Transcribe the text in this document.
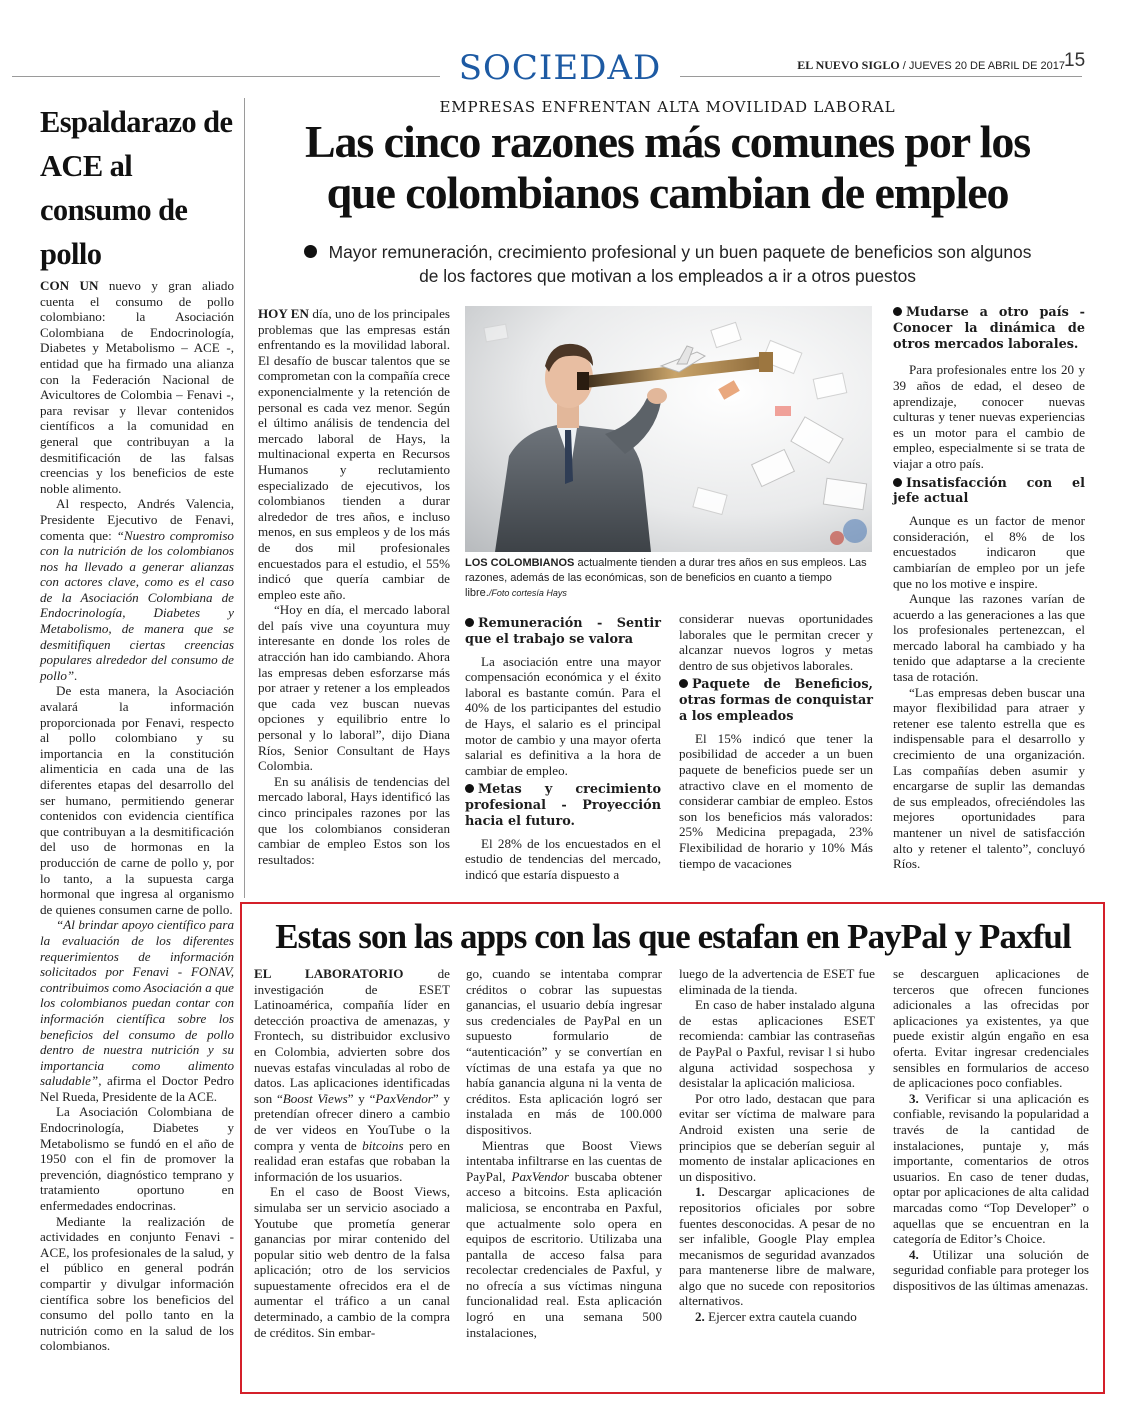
SOCIEDAD	EL NUEVO SIGLO / JUEVES 20 DE ABRIL DE 2017 15
Espaldarazo de ACE al consumo de pollo

CON UN nuevo y gran aliado cuenta el consumo de pollo colombiano: la Asociación Colombiana de Endocrinología, Diabetes y Metabolismo – ACE -, entidad que ha firmado una alianza con la Federación Nacional de Avicultores de Colombia – Fenavi -, para revisar y llevar contenidos científicos a la comunidad en general que contribuyan a la desmitificación de las falsas creencias y los beneficios de este noble alimento.

Al respecto, Andrés Valencia, Presidente Ejecutivo de Fenavi, comenta que: “Nuestro compromiso con la nutrición de los colombianos nos ha llevado a generar alianzas con actores clave, como es el caso de la Asociación Colombiana de Endocrinología, Diabetes y Metabolismo, de manera que se desmitifiquen ciertas creencias populares alrededor del consumo de pollo”.

De esta manera, la Asociación avalará la información proporcionada por Fenavi, respecto al pollo colombiano y su importancia en la constitución alimenticia en cada una de las diferentes etapas del desarrollo del ser humano, permitiendo generar contenidos con evidencia científica que contribuyan a la desmitificación del uso de hormonas en la producción de carne de pollo y, por lo tanto, a la supuesta carga hormonal que ingresa al organismo de quienes consumen carne de pollo.

“Al brindar apoyo científico para la evaluación de los diferentes requerimientos de información solicitados por Fenavi - FONAV, contribuimos como Asociación a que los colombianos puedan contar con información científica sobre los beneficios del consumo de pollo dentro de nuestra nutrición y su importancia como alimento saludable”, afirma el Doctor Pedro Nel Rueda, Presidente de la ACE.

La Asociación Colombiana de Endocrinología, Diabetes y Metabolismo se fundó en el año de 1950 con el fin de promover la prevención, diagnóstico temprano y tratamiento oportuno en enfermedades endocrinas.

Mediante la realización de actividades en conjunto Fenavi - ACE, los profesionales de la salud, y el público en general podrán compartir y divulgar información científica sobre los beneficios del consumo del pollo tanto en la nutrición como en la salud de los colombianos.

EMPRESAS ENFRENTAN ALTA MOVILIDAD LABORAL
Las cinco razones más comunes por los
que colombianos cambian de empleo
Mayor remuneración, crecimiento profesional y un buen paquete de beneficios son algunos
de los factores que motivan a los empleados a ir a otros puestos

HOY EN día, uno de los principales problemas que las empresas están enfrentando es la movilidad laboral. El desafío de buscar talentos que se comprometan con la compañía crece exponencialmente y la retención de personal es cada vez menor. Según el último análisis de tendencia del mercado laboral de Hays, la multinacional experta en Recursos Humanos y reclutamiento especializado de ejecutivos, los colombianos tienden a durar alrededor de tres años, e incluso menos, en sus empleos y de los más de dos mil profesionales encuestados para el estudio, el 55% indicó que quería cambiar de empleo este año.

“Hoy en día, el mercado laboral del país vive una coyuntura muy interesante en donde los roles de atracción han ido cambiando. Ahora las empresas deben esforzarse más por atraer y retener a los empleados que cada vez buscan nuevas opciones y equilibrio entre lo personal y lo laboral”, dijo Diana Ríos, Senior Consultant de Hays Colombia.

En su análisis de tendencias del mercado laboral, Hays identificó las cinco principales razones por las que los colombianos consideran cambiar de empleo Estos son los resultados:

LOS COLOMBIANOS actualmente tienden a durar tres años en sus empleos. Las razones, además de las económicas, son de beneficios en cuanto a tiempo libre./Foto cortesía Hays

Remuneración - Sentir que el trabajo se valora

La asociación entre una mayor compensación económica y el éxito laboral es bastante común. Para el 40% de los participantes del estudio de Hays, el salario es el principal motor de cambio y una mayor oferta salarial es definitiva a la hora de cambiar de empleo.

Metas y crecimiento profesional - Proyección hacia el futuro.

El 28% de los encuestados en el estudio de tendencias del mercado, indicó que estaría dispuesto a

considerar nuevas oportunidades laborales que le permitan crecer y alcanzar nuevos logros y metas dentro de sus objetivos laborales.

Paquete de Beneficios, otras formas de conquistar a los empleados

El 15% indicó que tener la posibilidad de acceder a un buen paquete de beneficios puede ser un atractivo clave en el momento de considerar cambiar de empleo. Estos son los beneficios más valorados: 25% Medicina prepagada, 23% Flexibilidad de horario y 10% Más tiempo de vacaciones

Mudarse a otro país - Conocer la dinámica de otros mercados laborales.

Para profesionales entre los 20 y 39 años de edad, el deseo de aprendizaje, conocer nuevas culturas y tener nuevas experiencias es un motor para el cambio de empleo, especialmente si se trata de viajar a otro país.

Insatisfacción con el jefe actual

Aunque es un factor de menor consideración, el 8% de los encuestados indicaron que cambiarían de empleo por un jefe que no los motive e inspire.

Aunque las razones varían de acuerdo a las generaciones a las que los profesionales pertenezcan, el mercado laboral ha cambiado y ha tenido que adaptarse a la creciente tasa de rotación.

“Las empresas deben buscar una mayor flexibilidad para atraer y retener ese talento estrella que es indispensable para el desarrollo y crecimiento de una organización. Las compañías deben asumir y encargarse de suplir las demandas de sus empleados, ofreciéndoles las mejores oportunidades para mantener un nivel de satisfacción alto y retener el talento”, concluyó Ríos.

Estas son las apps con las que estafan en PayPal y Paxful

EL LABORATORIO de investigación de ESET Latinoamérica, compañía líder en detección proactiva de amenazas, y Frontech, su distribuidor exclusivo en Colombia, advierten sobre dos nuevas estafas vinculadas al robo de datos. Las aplicaciones identificadas son “Boost Views” y “PaxVendor” y pretendían ofrecer dinero a cambio de ver videos en YouTube o la compra y venta de bitcoins pero en realidad eran estafas que robaban la información de los usuarios.

En el caso de Boost Views, simulaba ser un servicio asociado a Youtube que prometía generar ganancias por mirar contenido del popular sitio web dentro de la falsa aplicación; otro de los servicios supuestamente ofrecidos era el de aumentar el tráfico a un canal determinado, a cambio de la compra de créditos. Sin embar-

go, cuando se intentaba comprar créditos o cobrar las supuestas ganancias, el usuario debía ingresar sus credenciales de PayPal en un supuesto formulario de “autenticación” y se convertían en víctimas de una estafa ya que no había ganancia alguna ni la venta de créditos. Esta aplicación logró ser instalada en más de 100.000 dispositivos.

Mientras que Boost Views intentaba infiltrarse en las cuentas de PayPal, PaxVendor buscaba obtener acceso a bitcoins. Esta aplicación maliciosa, se encontraba en Paxful, que actualmente solo opera en equipos de escritorio. Utilizaba una pantalla de acceso falsa para recolectar credenciales de Paxful, y no ofrecía a sus víctimas ninguna funcionalidad real. Esta aplicación logró en una semana 500 instalaciones,

luego de la advertencia de ESET fue eliminada de la tienda.

En caso de haber instalado alguna de estas aplicaciones ESET recomienda: cambiar las contraseñas de PayPal o Paxful, revisar l si hubo alguna actividad sospechosa y desistalar la aplicación maliciosa.

Por otro lado, destacan que para evitar ser víctima de malware para Android existen una serie de principios que se deberían seguir al momento de instalar aplicaciones en un dispositivo.

1. Descargar aplicaciones de repositorios oficiales por sobre fuentes desconocidas. A pesar de no ser infalible, Google Play emplea mecanismos de seguridad avanzados para mantenerse libre de malware, algo que no sucede con repositorios alternativos.

2. Ejercer extra cautela cuando

se descarguen aplicaciones de terceros que ofrecen funciones adicionales a las ofrecidas por aplicaciones ya existentes, ya que puede existir algún engaño en esa oferta. Evitar ingresar credenciales sensibles en formularios de acceso de aplicaciones poco confiables.

3. Verificar si una aplicación es confiable, revisando la popularidad a través de la cantidad de instalaciones, puntaje y, más importante, comentarios de otros usuarios. En caso de tener dudas, optar por aplicaciones de alta calidad marcadas como “Top Developer” o aquellas que se encuentran en la categoría de Editor’s Choice.

4. Utilizar una solución de seguridad confiable para proteger los dispositivos de las últimas amenazas.
